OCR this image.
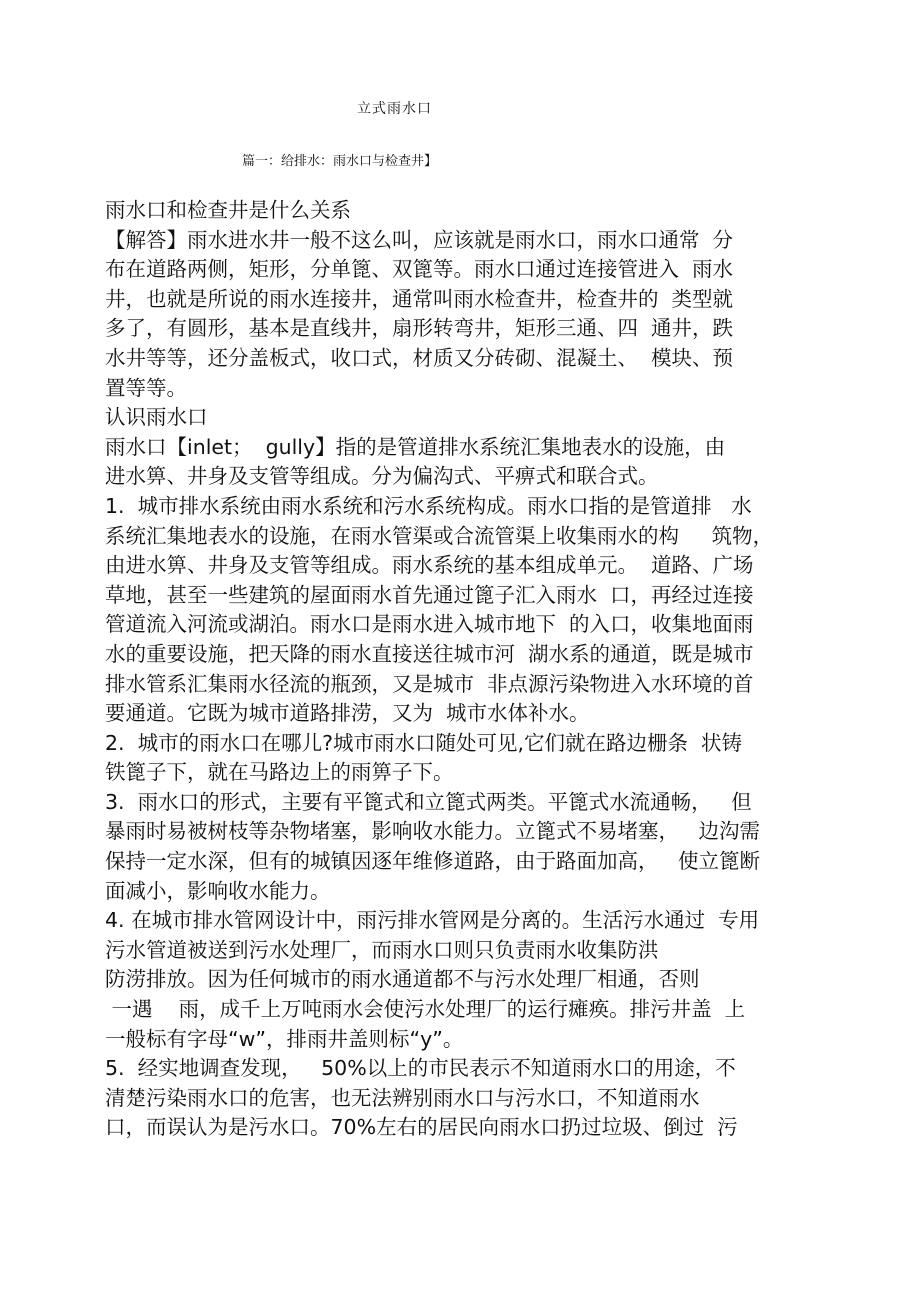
立式雨水口
篇一：给排水：雨水口与检查井】

雨水口和检查井是什么关系

【解答】雨水进水井一般不这么叫，应该就是雨水口，雨水口通常  分

布在道路两侧，矩形，分单篦、双篦等。雨水口通过连接管进入  雨水

井，也就是所说的雨水连接井，通常叫雨水检查井，检查井的  类型就

多了，有圆形，基本是直线井，扇形转弯井，矩形三通、四  通井，跌

水井等等，还分盖板式，收口式，材质又分砖砌、混凝土、  模块、预

置等等。

认识雨水口

雨水口【inlet；  gully】指的是管道排水系统汇集地表水的设施，由

进水箅、井身及支管等组成。分为偏沟式、平痹式和联合式。

1.  城市排水系统由雨水系统和污水系统构成。雨水口指的是管道排   水

系统汇集地表水的设施，在雨水管渠或合流管渠上收集雨水的构     筑物，

由进水箅、井身及支管等组成。雨水系统的基本组成单元。  道路、广场

草地，甚至一些建筑的屋面雨水首先通过篦子汇入雨水  口，再经过连接

管道流入河流或湖泊。雨水口是雨水进入城市地下  的入口，收集地面雨

水的重要设施，把天降的雨水直接送往城市河  湖水系的通道，既是城市

排水管系汇集雨水径流的瓶颈，又是城市  非点源污染物进入水环境的首

要通道。它既为城市道路排涝，又为  城市水体补水。

2.  城市的雨水口在哪儿?城市雨水口随处可见,它们就在路边栅条  状铸

铁篦子下，就在马路边上的雨箅子下。

3.  雨水口的形式，主要有平篦式和立篦式两类。平篦式水流通畅，   但

暴雨时易被树枝等杂物堵塞，影响收水能力。立篦式不易堵塞，   边沟需

保持一定水深，但有的城镇因逐年维修道路，由于路面加高，   使立篦断

面减小，影响收水能力。

4. 在城市排水管网设计中，雨污排水管网是分离的。生活污水通过  专用

污水管道被送到污水处理厂，而雨水口则只负责雨水收集防洪

防涝排放。因为任何城市的雨水通道都不与污水处理厂相通，否则

一遇    雨，成千上万吨雨水会使污水处理厂的运行瘫痪。排污井盖  上

一般标有字母“w”，排雨井盖则标“y”。

5.  经实地调查发现，   50%以上的市民表示不知道雨水口的用途，不

清楚污染雨水口的危害，也无法辨别雨水口与污水口，不知道雨水

口，而误认为是污水口。70%左右的居民向雨水口扔过垃圾、倒过  污
